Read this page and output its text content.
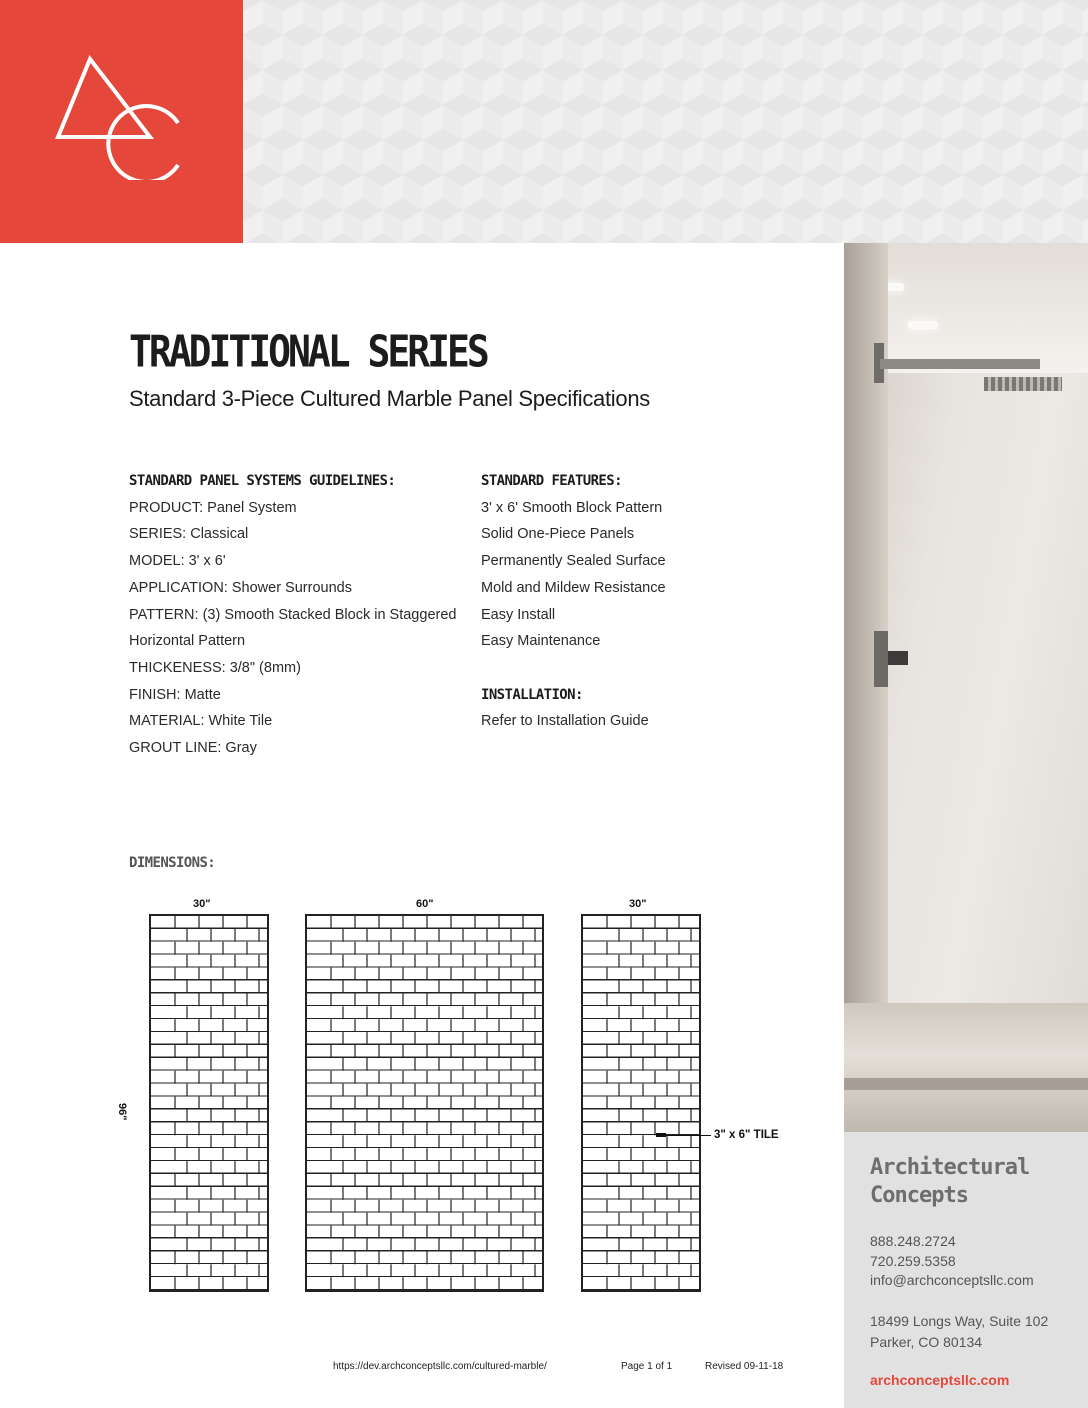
Architectural
Concepts
888.248.2724
720.259.5358
info@archconceptsllc.com
18499 Longs Way, Suite 102
Parker, CO 80134
archconceptsllc.com
TRADITIONAL SERIES
Standard 3-Piece Cultured Marble Panel Specifications
STANDARD PANEL SYSTEMS GUIDELINES:
PRODUCT: Panel System
SERIES: Classical
MODEL: 3' x 6'
APPLICATION: Shower Surrounds
PATTERN: (3) Smooth Stacked Block in Staggered
Horizontal Pattern
THICKENESS: 3/8" (8mm)
FINISH: Matte
MATERIAL: White Tile
GROUT LINE: Gray
STANDARD FEATURES:
3' x 6' Smooth Block Pattern
Solid One-Piece Panels
Permanently Sealed Surface
Mold and Mildew Resistance
Easy Install
Easy Maintenance
INSTALLATION:
Refer to Installation Guide
DIMENSIONS:
30"	60"	30"
96"
3" x 6" TILE
https://dev.archconceptsllc.com/cultured-marble/	Page 1 of 1	Revised 09-11-18
